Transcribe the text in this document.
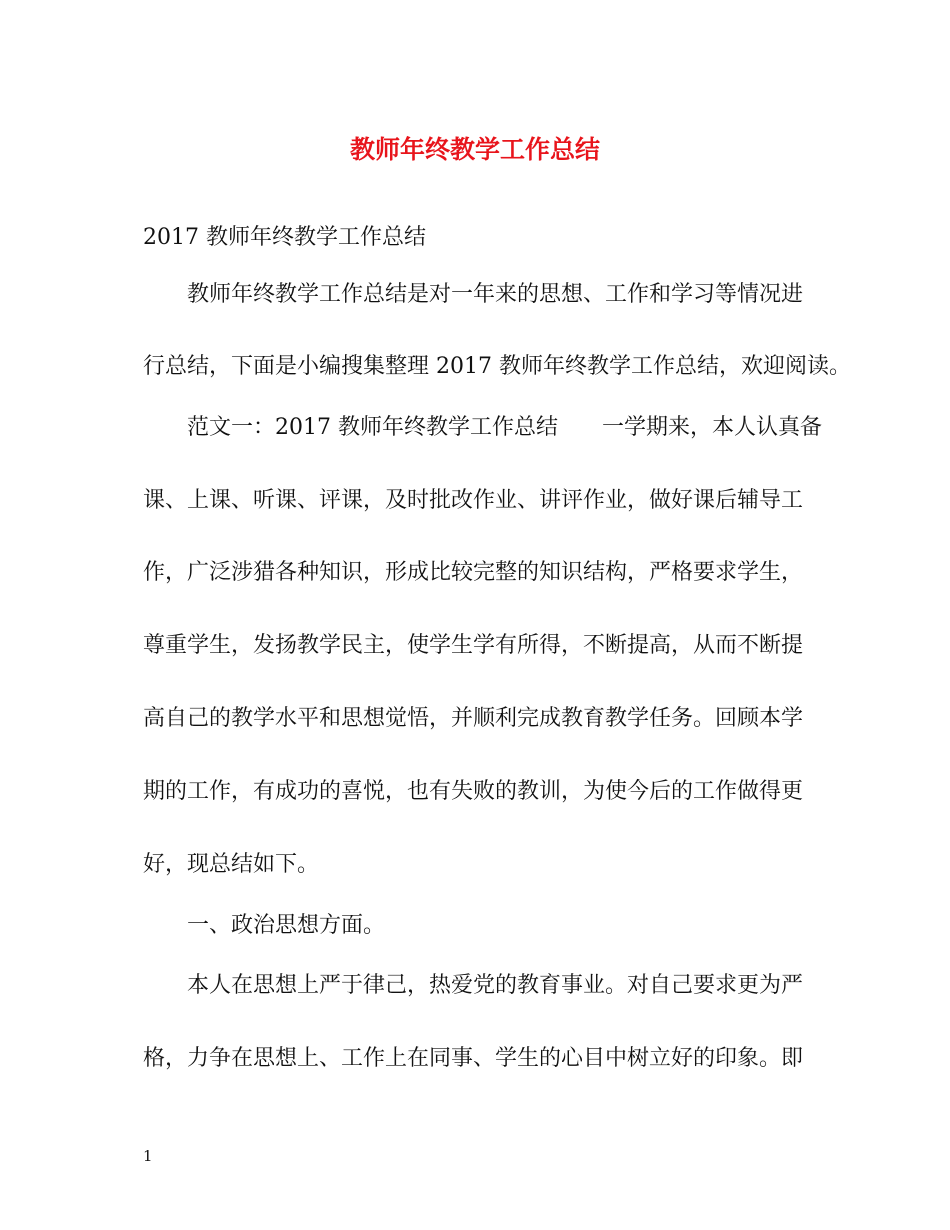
教师年终教学工作总结
2017 教师年终教学工作总结
教师年终教学工作总结是对一年来的思想、工作和学习等情况进
行总结，下面是小编搜集整理 2017 教师年终教学工作总结，欢迎阅读。
范文一：2017 教师年终教学工作总结　　一学期来，本人认真备
课、上课、听课、评课，及时批改作业、讲评作业，做好课后辅导工
作，广泛涉猎各种知识，形成比较完整的知识结构，严格要求学生，
尊重学生，发扬教学民主，使学生学有所得，不断提高，从而不断提
高自己的教学水平和思想觉悟，并顺利完成教育教学任务。回顾本学
期的工作，有成功的喜悦，也有失败的教训，为使今后的工作做得更
好，现总结如下。
一、政治思想方面。
本人在思想上严于律己，热爱党的教育事业。对自己要求更为严
格，力争在思想上、工作上在同事、学生的心目中树立好的印象。即
1
